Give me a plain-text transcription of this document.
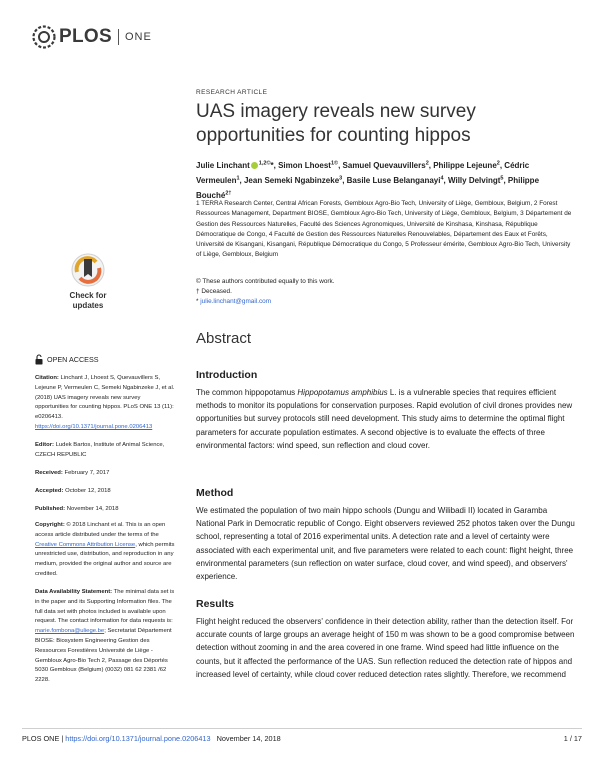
PLOS ONE
RESEARCH ARTICLE
UAS imagery reveals new survey opportunities for counting hippos
Julie Linchant $^{1,2©}$*, Simon Lhoest$^{1©}$, Samuel Quevauvillers$^2$, Philippe Lejeune$^2$, Cédric Vermeulen$^1$, Jean Semeki Ngabinzeke$^3$, Basile Luse Belanganayi$^4$, Willy Delvingt$^5$, Philippe Bouché$^{2\dagger}$
1 TERRA Research Center, Central African Forests, Gembloux Agro-Bio Tech, University of Liège, Gembloux, Belgium, 2 Forest Ressources Management, Department BIOSE, Gembloux Agro-Bio Tech, University of Liège, Gembloux, Belgium, 3 Département de Gestion des Ressources Naturelles, Faculté des Sciences Agronomiques, Université de Kinshasa, Kinshasa, République Démocratique de Congo, 4 Faculté de Gestion des Ressources Naturelles Renouvelables, Département des Eaux et Forêts, Université de Kisangani, Kisangani, République Démocratique du Congo, 5 Professeur émérite, Gembloux Agro-Bio Tech, University of Liège, Gembloux, Belgium
© These authors contributed equally to this work.
† Deceased.
* julie.linchant@gmail.com
Check for
updates
OPEN ACCESS
Citation: Linchant J, Lhoest S, Quevauvillers S, Lejeune P, Vermeulen C, Semeki Ngabinzeke J, et al. (2018) UAS imagery reveals new survey opportunities for counting hippos. PLoS ONE 13 (11): e0206413. https://doi.org/10.1371/journal.pone.0206413
Editor: Ludek Bartos, Institute of Animal Science, CZECH REPUBLIC
Received: February 7, 2017
Accepted: October 12, 2018
Published: November 14, 2018
Copyright: © 2018 Linchant et al. This is an open access article distributed under the terms of the Creative Commons Attribution License, which permits unrestricted use, distribution, and reproduction in any medium, provided the original author and source are credited.
Data Availability Statement: The minimal data set is in the paper and its Supporting Information files. The full data set with photos included is available upon request. The contact information for data requests is: marie.fombona@uliege.be; Secretariat Département BIOSE: Biosystem Engineering Gestion des Ressources Forestières Université de Liège - Gembloux Agro-Bio Tech 2, Passage des Déportés 5030 Gembloux (Belgium) (0032) 081 62 2381 /62 2228.
Abstract
Introduction
The common hippopotamus Hippopotamus amphibius L. is a vulnerable species that requires efficient methods to monitor its populations for conservation purposes. Rapid evolution of civil drones provides new opportunities but survey protocols still need development. This study aims to determine the optimal flight parameters for accurate population estimates. A second objective is to evaluate the effects of three environmental factors: wind speed, sun reflection and cloud cover.
Method
We estimated the population of two main hippo schools (Dungu and Wilibadi II) located in Garamba National Park in Democratic republic of Congo. Eight observers reviewed 252 photos taken over the Dungu school, representing a total of 2016 experimental units. A detection rate and a level of certainty were associated with each experimental unit, and five parameters were related to each count: flight height, three environmental parameters (sun reflection on water surface, cloud cover, and wind speed), and observers' experience.
Results
Flight height reduced the observers' confidence in their detection ability, rather than the detection itself. For accurate counts of large groups an average height of 150 m was shown to be a good compromise between detection without zooming in and the area covered in one frame. Wind speed had little influence on the counts, but it affected the performance of the UAS. Sun reflection reduced the detection rate of hippos and increased level of certainty, while cloud cover reduced detection rates slightly. Therefore, we recommend
PLOS ONE | https://doi.org/10.1371/journal.pone.0206413 November 14, 2018	1 / 17
